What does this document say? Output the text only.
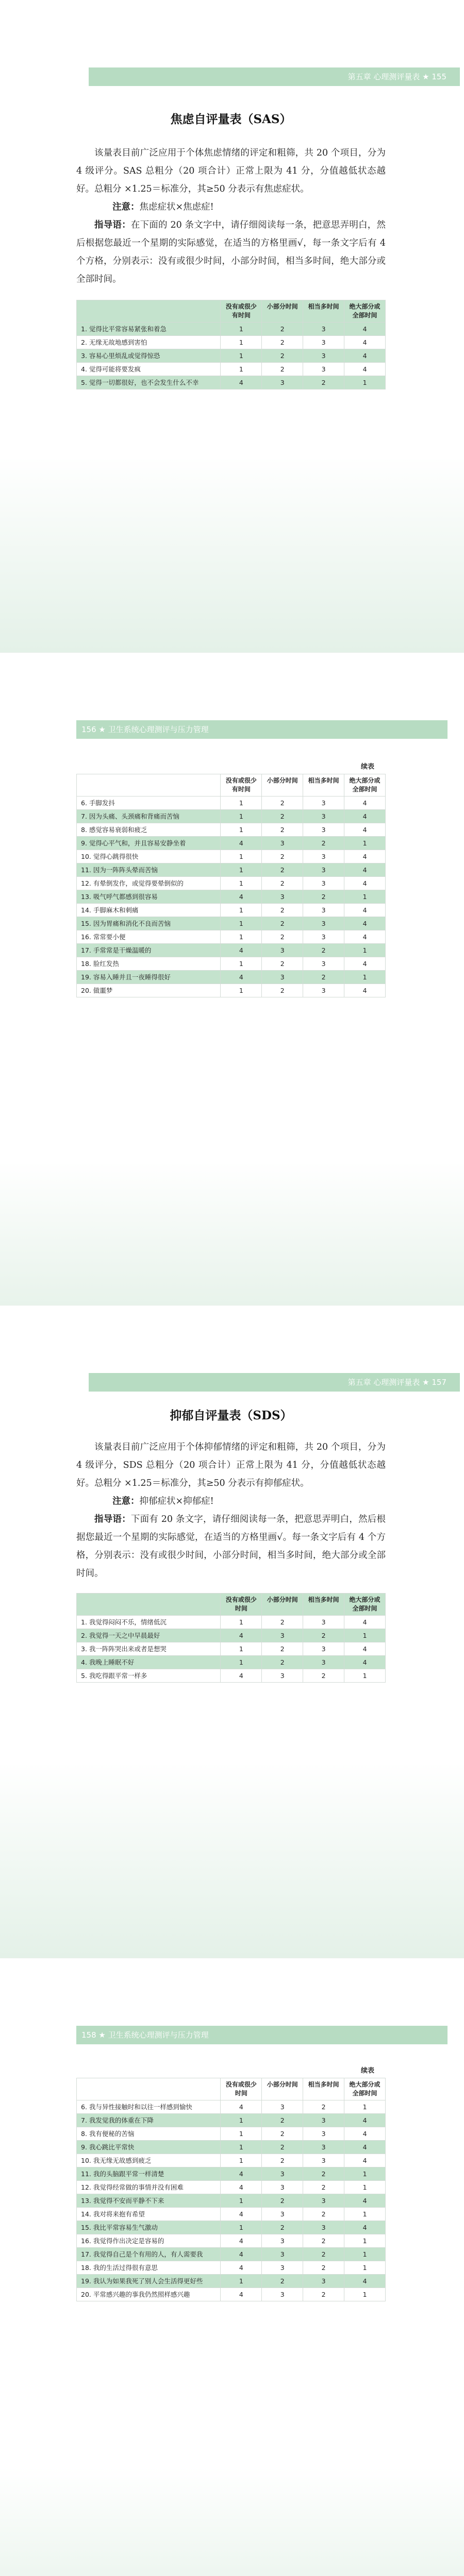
第五章 心理测评量表 ★ 155
焦虑自评量表（SAS）

该量表目前广泛应用于个体焦虑情绪的评定和粗筛，共 20 个项目，分为 4 级评分。SAS 总粗分（20 项合计）正常上限为 41 分，分值越低状态越好。总粗分 ×1.25＝标准分，其≥50 分表示有焦虑症状。

注意：焦虑症状×焦虑症!

指导语：在下面的 20 条文字中，请仔细阅读每一条，把意思弄明白，然后根据您最近一个星期的实际感觉，在适当的方格里画√，每一条文字后有 4 个方格，分别表示：没有或很少时间，小部分时间，相当多时间，绝大部分或全部时间。

	没有或很少有时间	小部分时间	相当多时间	绝大部分或全部时间
1. 觉得比平常容易紧张和着急	1	2	3	4
2. 无缘无故地感到害怕	1	2	3	4
3. 容易心里烦乱或觉得惊恐	1	2	3	4
4. 觉得可能将要发疯	1	2	3	4
5. 觉得一切都很好，也不会发生什么不幸	4	3	2	1
156 ★ 卫生系统心理测评与压力管理
续表
	没有或很少有时间	小部分时间	相当多时间	绝大部分或全部时间
6. 手脚发抖	1	2	3	4
7. 因为头痛、头颈痛和背痛而苦恼	1	2	3	4
8. 感觉容易衰弱和疲乏	1	2	3	4
9. 觉得心平气和，并且容易安静坐着	4	3	2	1
10. 觉得心跳得很快	1	2	3	4
11. 因为一阵阵头晕而苦恼	1	2	3	4
12. 有晕倒发作，或觉得要晕倒似的	1	2	3	4
13. 吸气呼气都感到很容易	4	3	2	1
14. 手脚麻木和刺痛	1	2	3	4
15. 因为胃痛和消化不良而苦恼	1	2	3	4
16. 常常要小便	1	2	3	4
17. 手常常是干燥温暖的	4	3	2	1
18. 脸红发热	1	2	3	4
19. 容易入睡并且一夜睡得很好	4	3	2	1
20. 做噩梦	1	2	3	4
第五章 心理测评量表 ★ 157
抑郁自评量表（SDS）

该量表目前广泛应用于个体抑郁情绪的评定和粗筛，共 20 个项目，分为 4 级评分，SDS 总粗分（20 项合计）正常上限为 41 分，分值越低状态越好。总粗分 ×1.25＝标准分，其≥50 分表示有抑郁症状。

注意：抑郁症状×抑郁症!

指导语：下面有 20 条文字，请仔细阅读每一条，把意思弄明白，然后根据您最近一个星期的实际感觉，在适当的方格里画√。每一条文字后有 4 个方格，分别表示：没有或很少时间，小部分时间，相当多时间，绝大部分或全部时间。

	没有或很少时间	小部分时间	相当多时间	绝大部分或全部时间
1. 我觉得闷闷不乐，情绪低沉	1	2	3	4
2. 我觉得一天之中早晨最好	4	3	2	1
3. 我一阵阵哭出来或者是想哭	1	2	3	4
4. 我晚上睡眠不好	1	2	3	4
5. 我吃得跟平常一样多	4	3	2	1
158 ★ 卫生系统心理测评与压力管理
续表
	没有或很少时间	小部分时间	相当多时间	绝大部分或全部时间
6. 我与异性接触时和以往一样感到愉快	4	3	2	1
7. 我发觉我的体重在下降	1	2	3	4
8. 我有便秘的苦恼	1	2	3	4
9. 我心跳比平常快	1	2	3	4
10. 我无缘无故感到疲乏	1	2	3	4
11. 我的头脑跟平常一样清楚	4	3	2	1
12. 我觉得经常做的事情并没有困难	4	3	2	1
13. 我觉得不安而平静不下来	1	2	3	4
14. 我对将来抱有希望	4	3	2	1
15. 我比平常容易生气激动	1	2	3	4
16. 我觉得作出决定是容易的	4	3	2	1
17. 我觉得自己是个有用的人，有人需要我	4	3	2	1
18. 我的生活过得很有意思	4	3	2	1
19. 我认为如果我死了别人会生活得更好些	1	2	3	4
20. 平常感兴趣的事我仍然照样感兴趣	4	3	2	1
